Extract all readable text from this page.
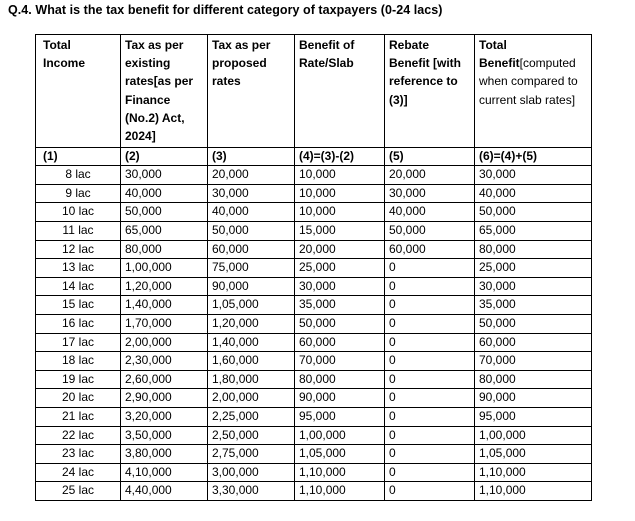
Q.4. What is the tax benefit for different category of taxpayers (0-24 lacs)
Total Income	Tax as per existing rates[as per Finance (No.2) Act, 2024]	Tax as per proposed rates	Benefit of Rate/Slab	Rebate Benefit [with reference to (3)]	Total Benefit[computed when compared to current slab rates]
(1)	(2)	(3)	(4)=(3)-(2)	(5)	(6)=(4)+(5)
8 lac	30,000	20,000	10,000	20,000	30,000
9 lac	40,000	30,000	10,000	30,000	40,000
10 lac	50,000	40,000	10,000	40,000	50,000
11 lac	65,000	50,000	15,000	50,000	65,000
12 lac	80,000	60,000	20,000	60,000	80,000
13 lac	1,00,000	75,000	25,000	0	25,000
14 lac	1,20,000	90,000	30,000	0	30,000
15 lac	1,40,000	1,05,000	35,000	0	35,000
16 lac	1,70,000	1,20,000	50,000	0	50,000
17 lac	2,00,000	1,40,000	60,000	0	60,000
18 lac	2,30,000	1,60,000	70,000	0	70,000
19 lac	2,60,000	1,80,000	80,000	0	80,000
20 lac	2,90,000	2,00,000	90,000	0	90,000
21 lac	3,20,000	2,25,000	95,000	0	95,000
22 lac	3,50,000	2,50,000	1,00,000	0	1,00,000
23 lac	3,80,000	2,75,000	1,05,000	0	1,05,000
24 lac	4,10,000	3,00,000	1,10,000	0	1,10,000
25 lac	4,40,000	3,30,000	1,10,000	0	1,10,000
